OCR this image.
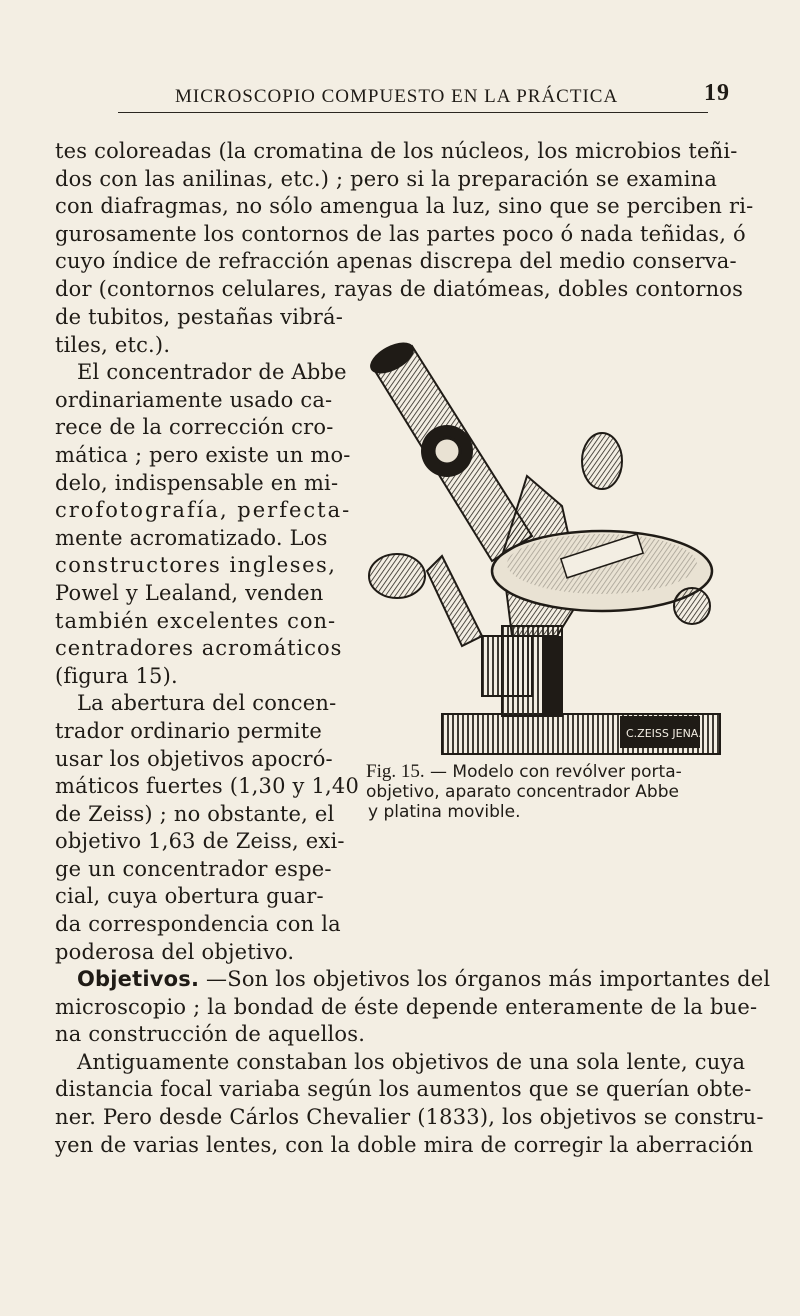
MICROSCOPIO COMPUESTO EN LA PRÁCTICA	19
tes coloreadas (la cromatina de los núcleos, los microbios teñi-
dos con las anilinas, etc.) ; pero si la preparación se examina
con diafragmas, no sólo amengua la luz, sino que se perciben ri-
gurosamente los contornos de las partes poco ó nada teñidas, ó
cuyo índice de refracción apenas discrepa del medio conserva-
dor (contornos celulares, rayas de diatómeas, dobles contornos
de tubitos, pestañas vibrá-
tiles, etc.).
El concentrador de Abbe
ordinariamente usado ca-
rece de la corrección cro-
mática ; pero existe un mo-
delo, indispensable en mi-
crofotografía, perfecta-
mente acromatizado. Los
constructores ingleses,
Powel y Lealand, venden
también excelentes con-
centradores acromáticos
(figura 15).
La abertura del concen-
trador ordinario permite
usar los objetivos apocró-
máticos fuertes (1,30 y 1,40
de Zeiss) ; no obstante, el
objetivo 1,63 de Zeiss, exi-
ge un concentrador espe-
cial, cuya obertura guar-
da correspondencia con la
poderosa del objetivo.
C.ZEISS JENA.
Fig. 15. — Modelo con revólver porta-
objetivo, aparato concentrador Abbe
y platina movible.
Objetivos. —Son los objetivos los órganos más importantes del
microscopio ; la bondad de éste depende enteramente de la bue-
na construcción de aquellos.
Antiguamente constaban los objetivos de una sola lente, cuya
distancia focal variaba según los aumentos que se querían obte-
ner. Pero desde Cárlos Chevalier (1833), los objetivos se constru-
yen de varias lentes, con la doble mira de corregir la aberración
